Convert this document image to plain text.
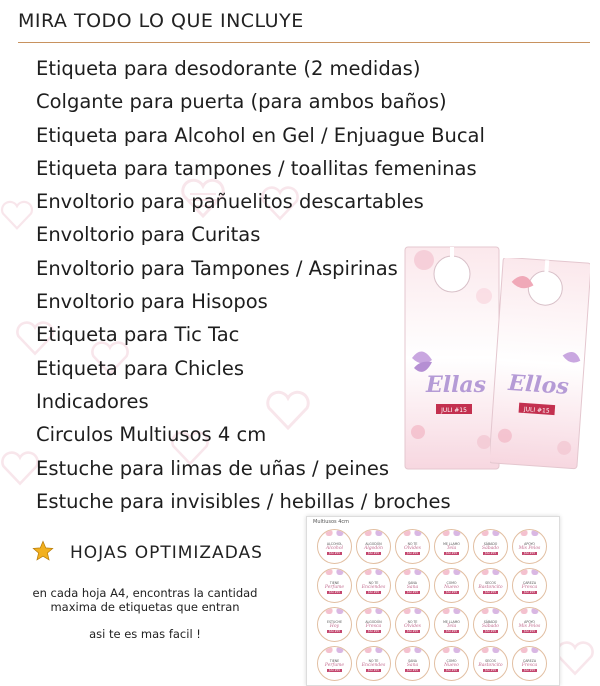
MIRA TODO LO QUE INCLUYE
Etiqueta para desodorante (2 medidas)
Colgante para puerta (para ambos baños)
Etiqueta para Alcohol en Gel / Enjuague Bucal
Etiqueta para tampones / toallitas femeninas
Envoltorio para pañuelitos descartables
Envoltorio para Curitas
Envoltorio para Tampones / Aspirinas
Envoltorio para Hisopos
Etiqueta para Tic Tac
Etiqueta para Chicles
Indicadores
Circulos Multiusos 4 cm
Estuche para limas de uñas / peines
Estuche para invisibles / hebillas / broches
Ellas
JULI #15
Ellos
JULI #15
HOJAS OPTIMIZADAS
en cada hoja A4, encontras la cantidad
maxima de etiquetas que entran
asi te es mas facil !
Multiusos 4cm
ALCOHOL
Alcohol
JULI #15
ALGODÓN
Algodón
JULI #15
NO TE
Olvides
JULI #15
ME LLAMO
Tela
JULI #15
SÁBADO
Sábado
JULI #15
APOYO
Mis Pelos
JULI #15
TIENE
Perfume
JULI #15
NO TE
Enciendes
JULI #15
SANA
Sana
JULI #15
COMO
Nuevo
JULI #15
SECOS
Bastoncito
JULI #15
CAREZA
Fresca
JULI #15
ESTUCHE
Hoy
JULI #15
ALGODÓN
Fresca
JULI #15
NO TE
Olvides
JULI #15
ME LLAMO
Tela
JULI #15
SÁBADO
Sábado
JULI #15
APOYO
Mis Pelos
JULI #15
TIENE
Perfume
JULI #15
NO TE
Enciendes
JULI #15
SANA
Sana
JULI #15
COMO
Nuevo
JULI #15
SECOS
Bastoncito
JULI #15
CAREZA
Fresca
JULI #15
